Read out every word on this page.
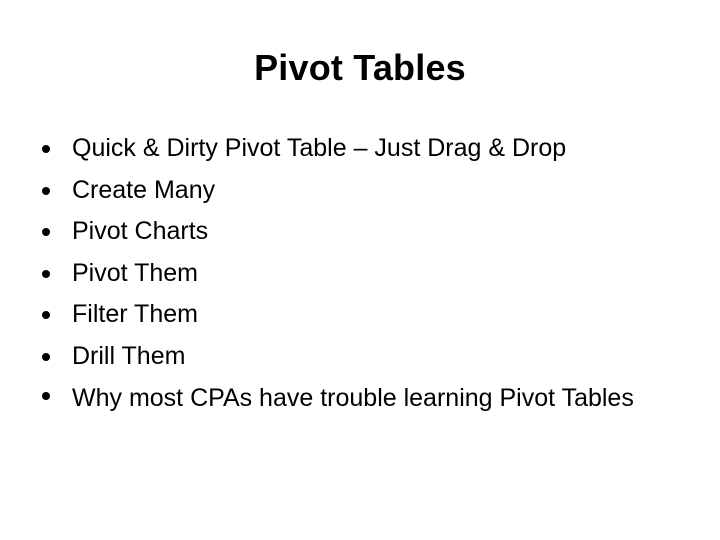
Pivot Tables
Quick & Dirty Pivot Table – Just Drag & Drop
Create Many
Pivot Charts
Pivot Them
Filter Them
Drill Them
Why most CPAs have trouble learning Pivot Tables
